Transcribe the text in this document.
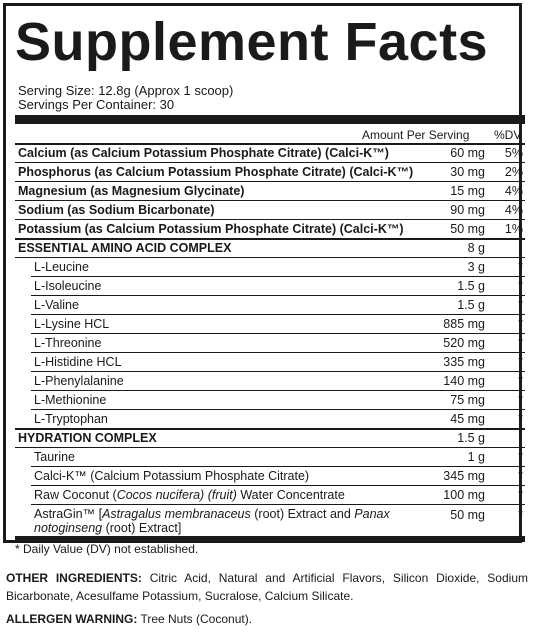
Supplement Facts
Serving Size: 12.8g (Approx 1 scoop)
Servings Per Container: 30
Amount Per Serving %DV
Calcium (as Calcium Potassium Phosphate Citrate) (Calci-K™)	60 mg 5%
Phosphorus (as Calcium Potassium Phosphate Citrate) (Calci-K™)	30 mg 2%
Magnesium (as Magnesium Glycinate)	15 mg 4%
Sodium (as Sodium Bicarbonate)	90 mg 4%
Potassium (as Calcium Potassium Phosphate Citrate) (Calci-K™)	50 mg 1%
ESSENTIAL AMINO ACID COMPLEX	8 g
L-Leucine	3 g	*
L-Isoleucine	1.5 g	*
L-Valine	1.5 g	*
L-Lysine HCL	885 mg	*
L-Threonine	520 mg	*
L-Histidine HCL	335 mg	*
L-Phenylalanine	140 mg	*
L-Methionine	75 mg	*
L-Tryptophan	45 mg	*
HYDRATION COMPLEX	1.5 g
Taurine	1 g	*
Calci-K™ (Calcium Potassium Phosphate Citrate)	345 mg	*
Raw Coconut (Cocos nucifera) (fruit) Water Concentrate	100 mg	*
AstraGin™ [Astragalus membranaceus (root) Extract and Panax notoginseng (root) Extract]
50 mg	*
* Daily Value (DV) not established.
OTHER INGREDIENTS: Citric Acid, Natural and Artificial Flavors, Silicon Dioxide, Sodium Bicarbonate, Acesulfame Potassium, Sucralose, Calcium Silicate.
ALLERGEN WARNING: Tree Nuts (Coconut).
